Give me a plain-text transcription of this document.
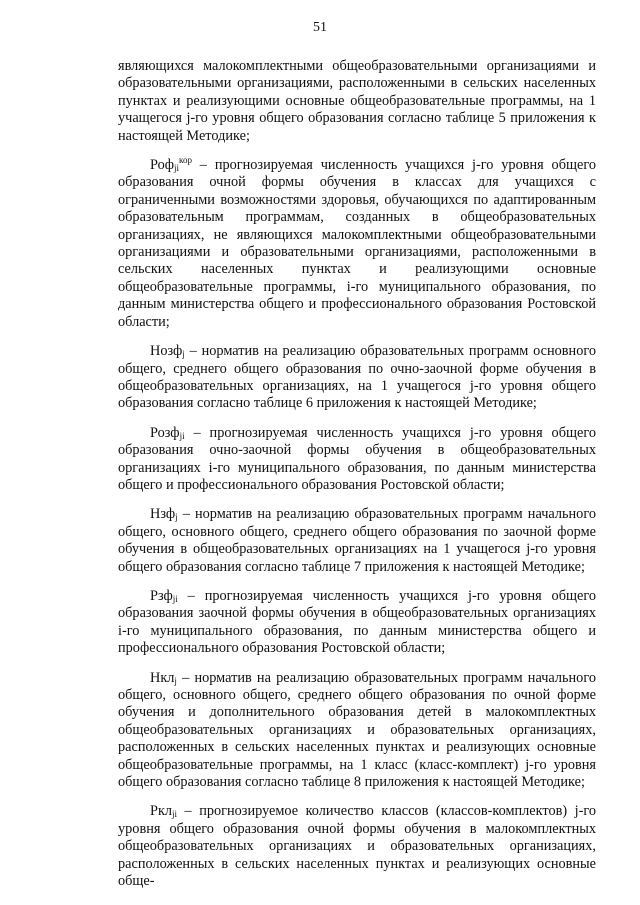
51

являющихся малокомплектными общеобразовательными организациями и образовательными организациями, расположенными в сельских населенных пунктах и реализующими основные общеобразовательные программы, на 1 учащегося j-го уровня общего образования согласно таблице 5 приложения к настоящей Методике;

Роф$_{ji}^{кор}$ – прогнозируемая численность учащихся j-го уровня общего образования очной формы обучения в классах для учащихся с ограниченными возможностями здоровья, обучающихся по адаптированным образовательным программам, созданных в общеобразовательных организациях, не являющихся малокомплектными общеобразовательными организациями и образовательными организациями, расположенными в сельских населенных пунктах и реализующими основные общеобразовательные программы, i-го муниципального образования, по данным министерства общего и профессионального образования Ростовской области;

Нозф$_j$ – норматив на реализацию образовательных программ основного общего, среднего общего образования по очно-заочной форме обучения в общеобразовательных организациях, на 1 учащегося j-го уровня общего образования согласно таблице 6 приложения к настоящей Методике;

Розф$_{ji}$ – прогнозируемая численность учащихся j-го уровня общего образования очно-заочной формы обучения в общеобразовательных организациях i-го муниципального образования, по данным министерства общего и профессионального образования Ростовской области;

Нзф$_j$ – норматив на реализацию образовательных программ начального общего, основного общего, среднего общего образования по заочной форме обучения в общеобразовательных организациях на 1 учащегося j-го уровня общего образования согласно таблице 7 приложения к настоящей Методике;

Рзф$_{ji}$ – прогнозируемая численность учащихся j-го уровня общего образования заочной формы обучения в общеобразовательных организациях i-го муниципального образования, по данным министерства общего и профессионального образования Ростовской области;

Нкл$_j$ – норматив на реализацию образовательных программ начального общего, основного общего, среднего общего образования по очной форме обучения и дополнительного образования детей в малокомплектных общеобразовательных организациях и образовательных организациях, расположенных в сельских населенных пунктах и реализующих основные общеобразовательные программы, на 1 класс (класс-комплект) j-го уровня общего образования согласно таблице 8 приложения к настоящей Методике;

Ркл$_{ji}$ – прогнозируемое количество классов (классов-комплектов) j-го уровня общего образования очной формы обучения в малокомплектных общеобразовательных организациях и образовательных организациях, расположенных в сельских населенных пунктах и реализующих основные обще-
